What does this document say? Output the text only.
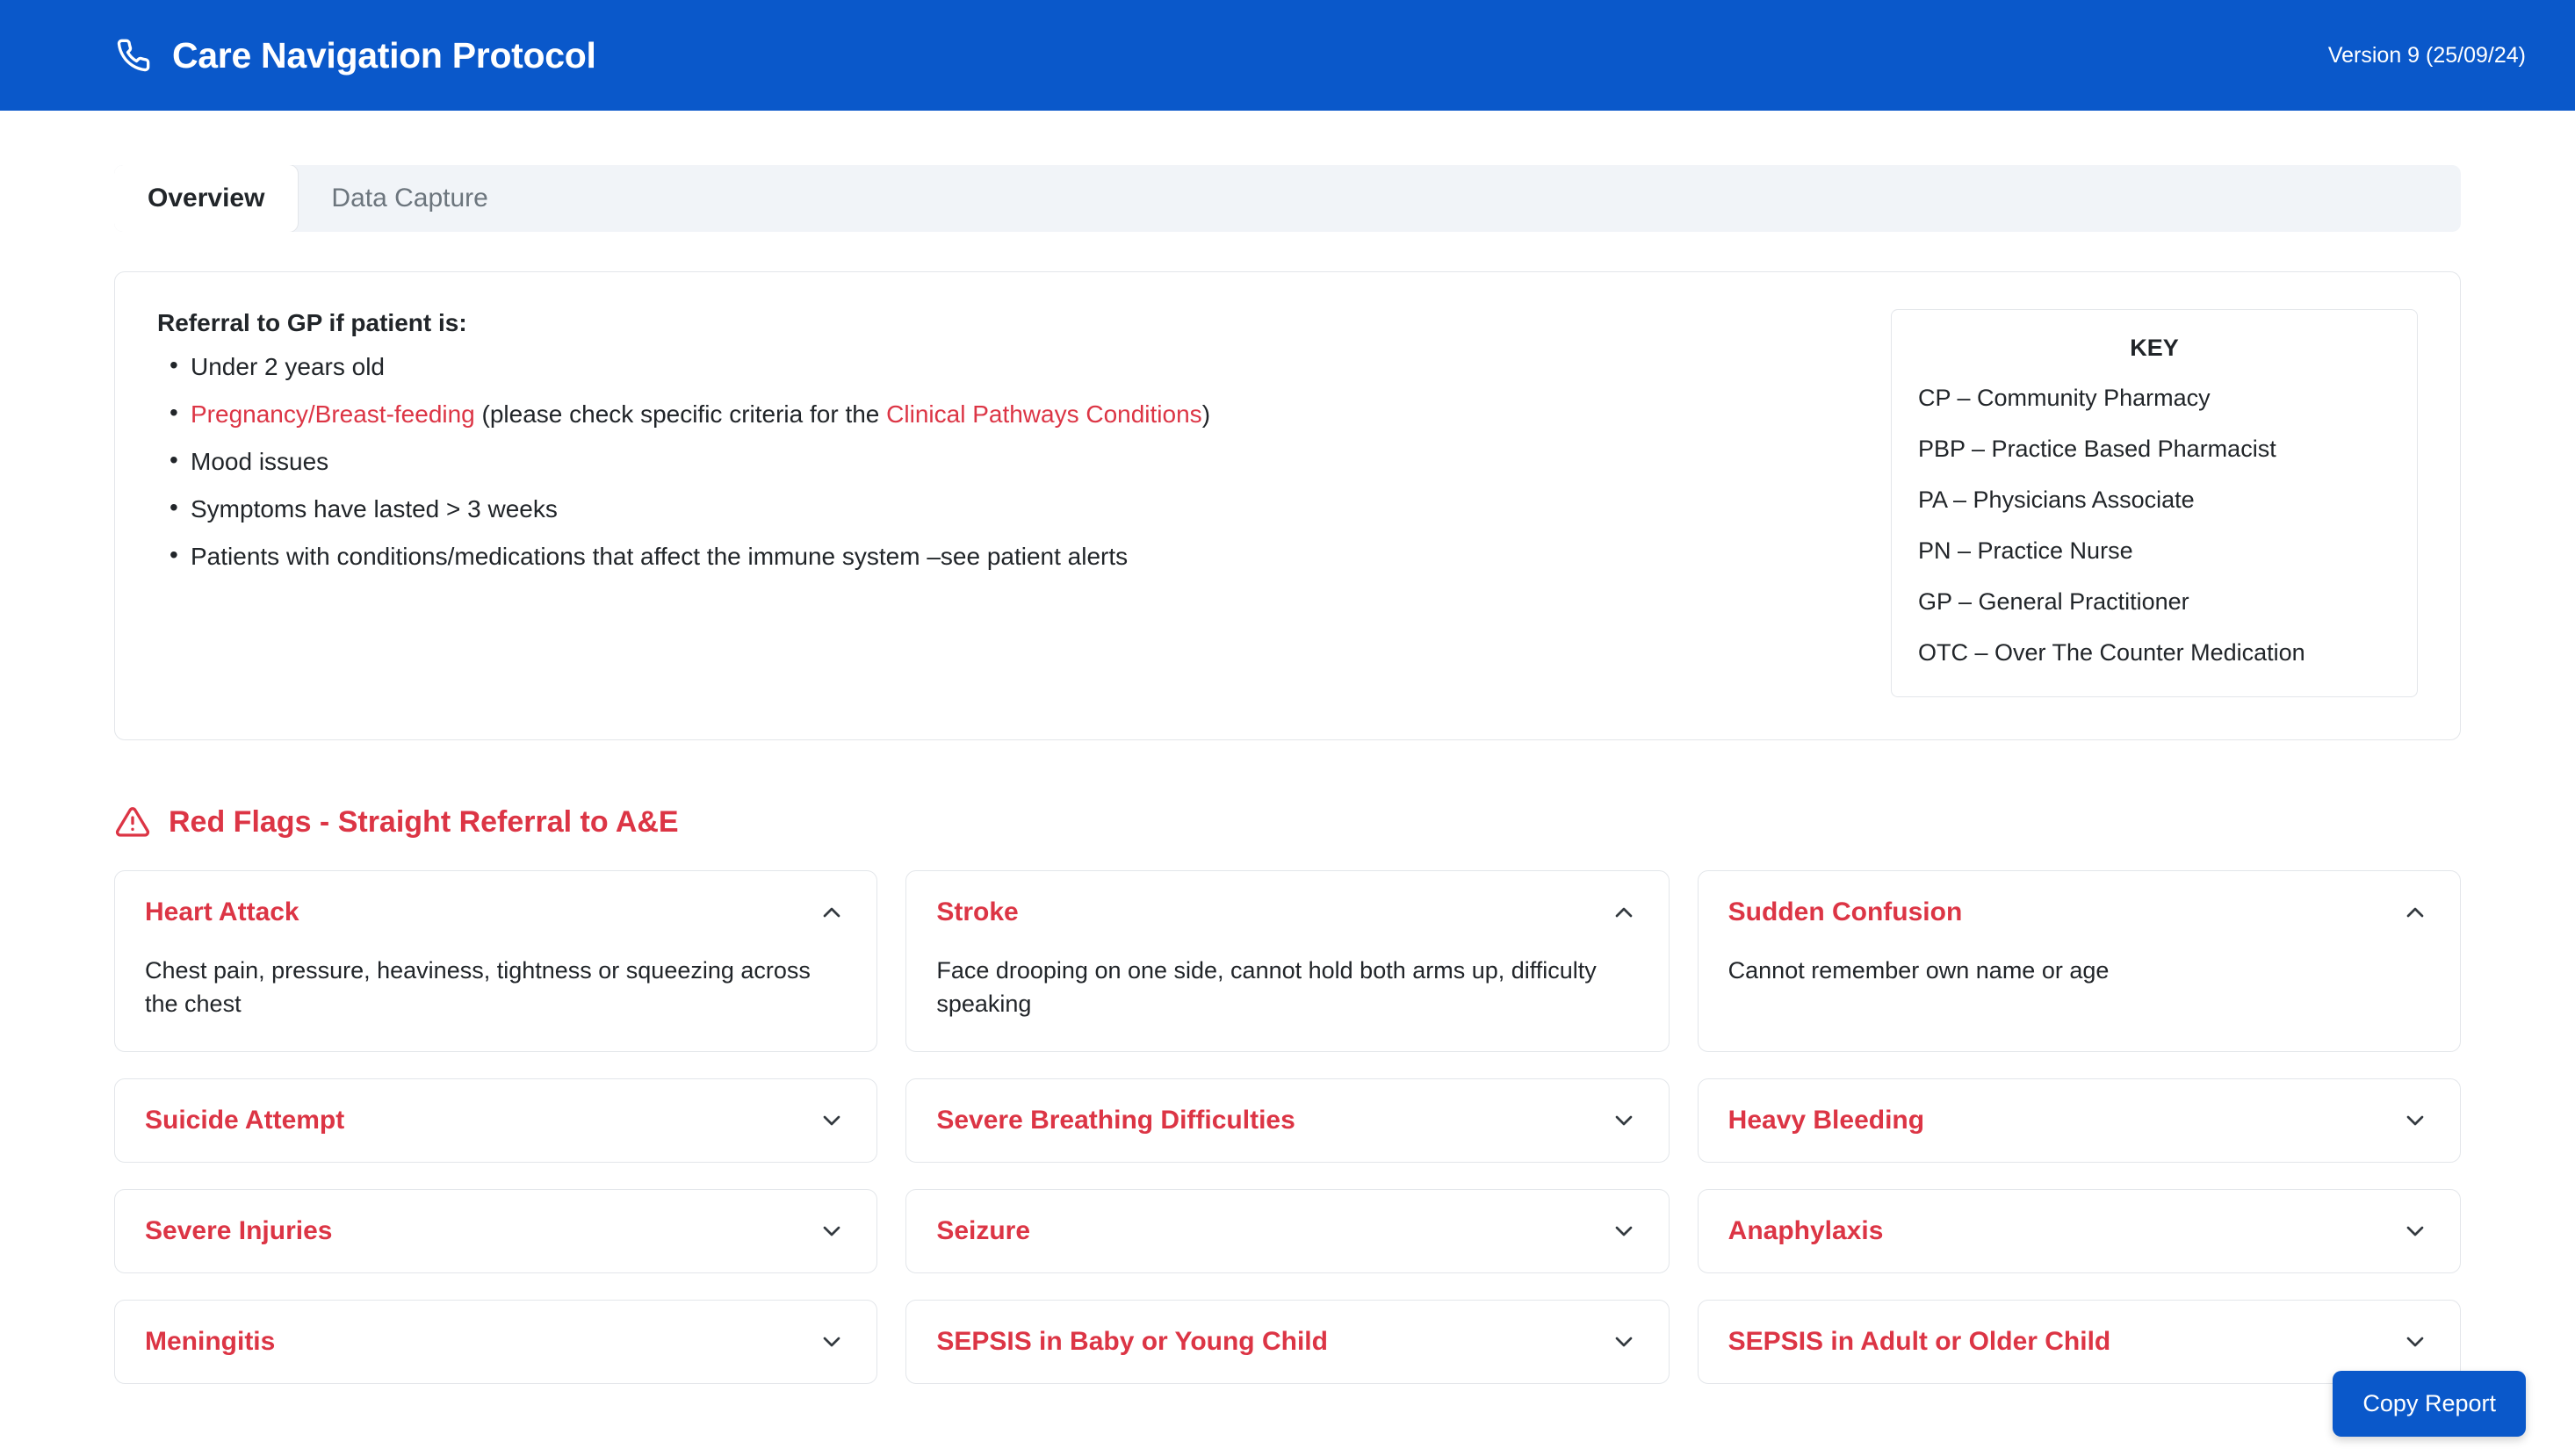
Care Navigation Protocol	Version 9 (25/09/24)
Overview	Data Capture
Referral to GP if patient is:
• Under 2 years old
• Pregnancy/Breast-feeding (please check specific criteria for the Clinical Pathways Conditions)
• Mood issues
• Symptoms have lasted > 3 weeks
• Patients with conditions/medications that affect the immune system –see patient alerts
KEY
CP – Community Pharmacy
PBP – Practice Based Pharmacist
PA – Physicians Associate
PN – Practice Nurse
GP – General Practitioner
OTC – Over The Counter Medication
Red Flags - Straight Referral to A&E
Heart Attack
Chest pain, pressure, heaviness, tightness or squeezing across the chest
Stroke
Face drooping on one side, cannot hold both arms up, difficulty speaking
Sudden Confusion
Cannot remember own name or age
Suicide Attempt	Severe Breathing Difficulties	Heavy Bleeding
Severe Injuries	Seizure	Anaphylaxis
Meningitis	SEPSIS in Baby or Young Child	SEPSIS in Adult or Older Child
Copy Report
